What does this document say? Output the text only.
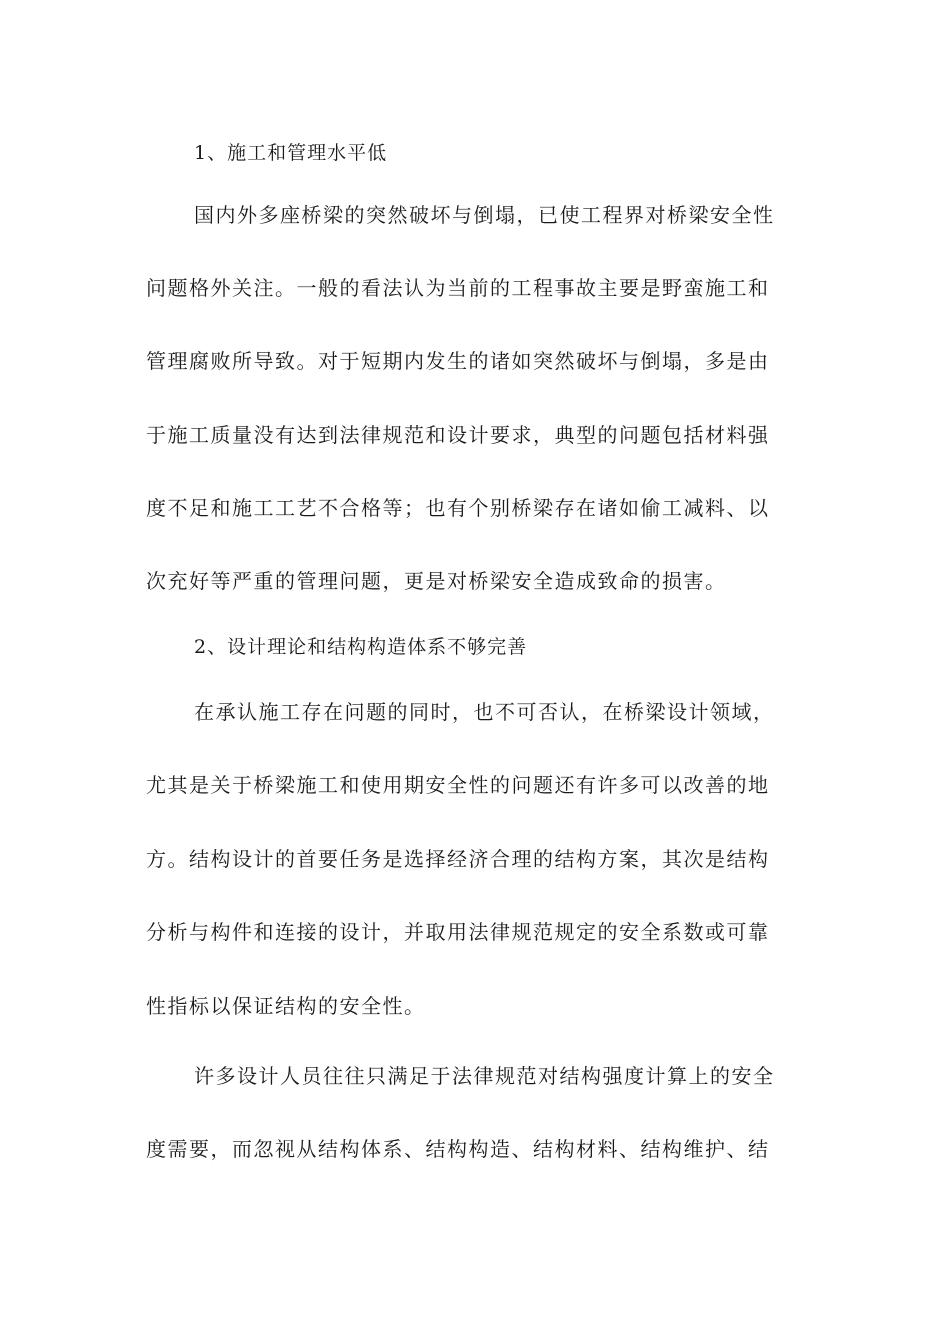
1、施工和管理水平低
国内外多座桥梁的突然破坏与倒塌，已使工程界对桥梁安全性
问题格外关注。一般的看法认为当前的工程事故主要是野蛮施工和
管理腐败所导致。对于短期内发生的诸如突然破坏与倒塌，多是由
于施工质量没有达到法律规范和设计要求，典型的问题包括材料强
度不足和施工工艺不合格等；也有个别桥梁存在诸如偷工减料、以
次充好等严重的管理问题，更是对桥梁安全造成致命的损害。
2、设计理论和结构构造体系不够完善
在承认施工存在问题的同时，也不可否认，在桥梁设计领域，
尤其是关于桥梁施工和使用期安全性的问题还有许多可以改善的地
方。结构设计的首要任务是选择经济合理的结构方案，其次是结构
分析与构件和连接的设计，并取用法律规范规定的安全系数或可靠
性指标以保证结构的安全性。
许多设计人员往往只满足于法律规范对结构强度计算上的安全
度需要，而忽视从结构体系、结构构造、结构材料、结构维护、结
